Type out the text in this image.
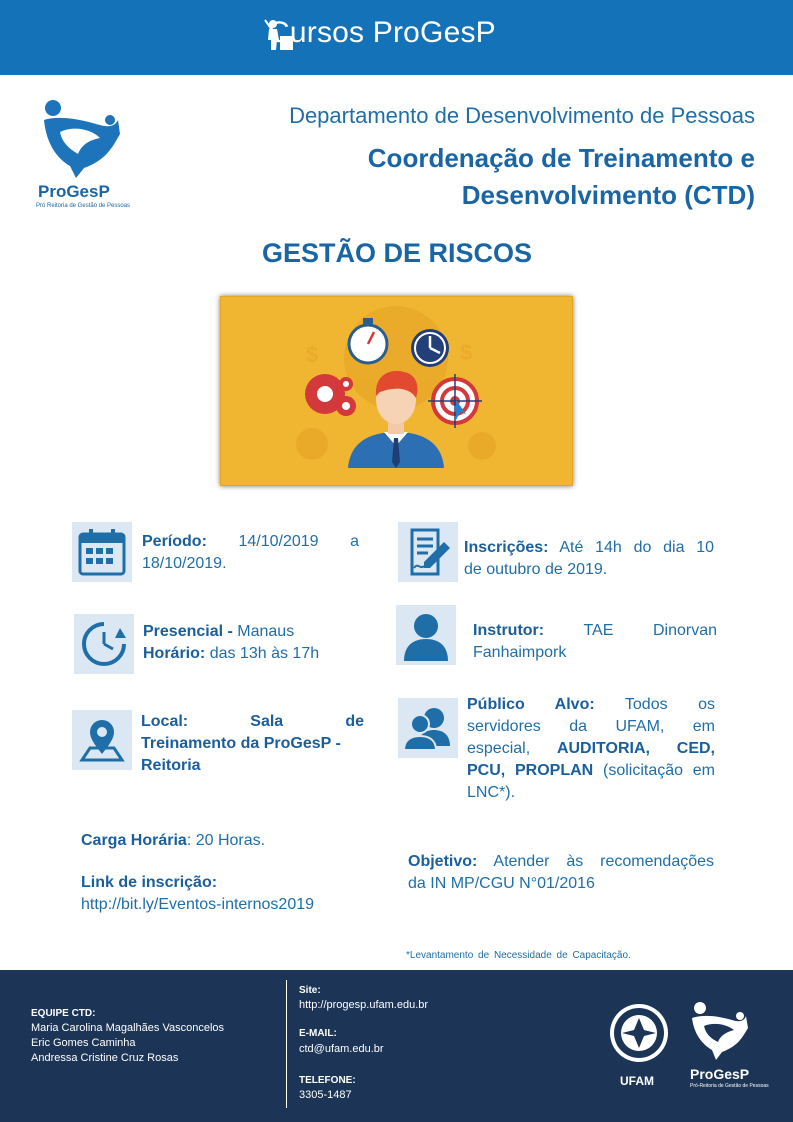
Cursos ProGesP
ProGesP
Pró Reitoria de Gestão de Pessoas
Departamento de Desenvolvimento de Pessoas
Coordenação de Treinamento e
Desenvolvimento (CTD)
GESTÃO DE RISCOS
$
$
Período: 14/10/2019 a
18/10/2019.
Presencial - Manaus
Horário: das 13h às 17h
Local:	Sala	de
Treinamento da ProGesP -
Reitoria
Inscrições: Até 14h do dia 10
de outubro de 2019.
Instrutor: TAE Dinorvan
Fanhaimpork
Público Alvo: Todos os
servidores da UFAM, em
especial, AUDITORIA, CED,
PCU, PROPLAN (solicitação em
LNC*).
Carga Horária: 20 Horas.
Link de inscrição:
http://bit.ly/Eventos-internos2019
Objetivo: Atender às recomendações
da IN MP/CGU N°01/2016
*Levantamento de Necessidade de Capacitação.
EQUIPE CTD:
Maria Carolina Magalhães Vasconcelos
Eric Gomes Caminha
Andressa Cristine Cruz Rosas
Site:
http://progesp.ufam.edu.br
E-MAIL:
ctd@ufam.edu.br
TELEFONE:
3305-1487
UFAM	ProGesP
Pró-Reitoria de Gestão de Pessoas
